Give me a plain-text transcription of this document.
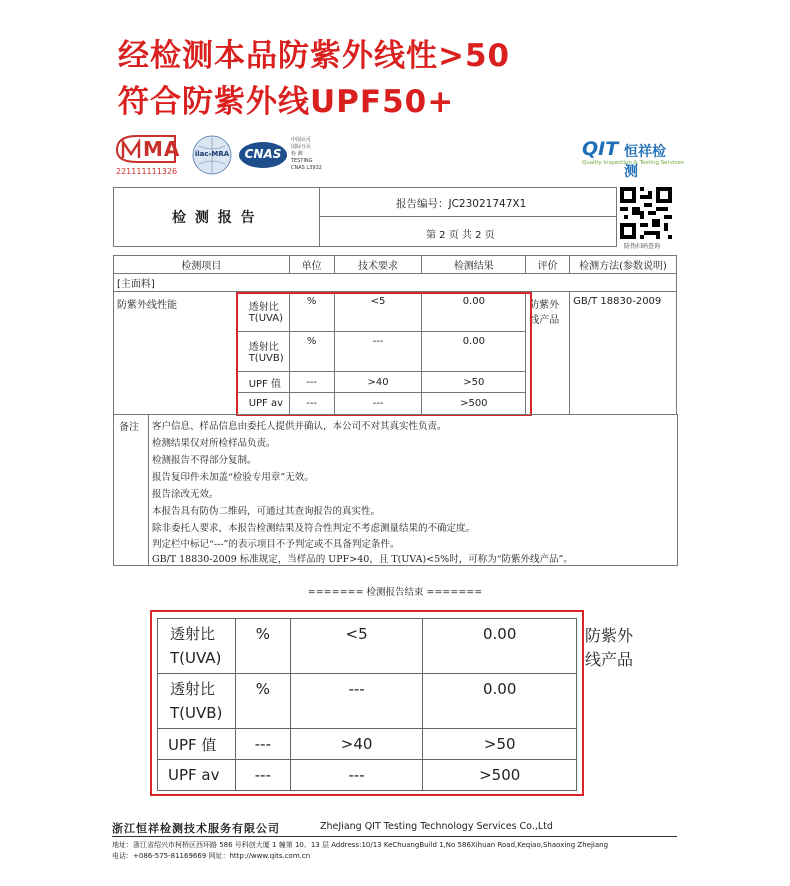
经检测本品防紫外线性>50
符合防紫外线UPF50+
MA
221111111326
ilac-MRA	CNAS
中国认可
国际互认
检 测
TESTING
CNAS L3932
QIT 恒祥检测
Quality Inspection & Testing Services
检 测 报 告
报告编号：JC23021747X1
第 2 页 共 2 页
防伪扫码查询
检测项目		单位	技术要求	检测结果	评价	检测方法(参数说明)
[主面料]						
防紫外线性能	透射比
T(UVA)	%	<5	0.00	防紫外线产品	GB/T 18830-2009
	透射比
T(UVB)	%	---	0.00		
	UPF 值	---	>40	>50		
	UPF av	---	---	>500		
备注 客户信息、样品信息由委托人提供并确认，本公司不对其真实性负责。
检测结果仅对所检样品负责。
检测报告不得部分复制。
报告复印件未加盖“检验专用章”无效。
报告涂改无效。
本报告具有防伪二维码，可通过其查询报告的真实性。
除非委托人要求，本报告检测结果及符合性判定不考虑测量结果的不确定度。
判定栏中标记“---”的表示项目不予判定或不具备判定条件。
GB/T 18830-2009 标准规定，当样品的 UPF>40，且 T(UVA)<5%时，可称为“防紫外线产品”。
======= 检测报告结束 =======
透射比
T(UVA)	%	<5	0.00
透射比
T(UVB)	%	---	0.00
UPF 值	---	>40	>50
UPF av	---	---	>500
防紫外
线产品
浙江恒祥检测技术服务有限公司	ZheJiang QIT Testing Technology Services Co.,Ltd
地址：浙江省绍兴市柯桥区西环路 586 号科创大厦 1 幢第 10、13 层 Address:10/13 KeChuangBuild 1,No 586Xihuan Road,Keqiao,Shaoxing Zhejiang
电话：+086-575-81169669 网址：http://www.qits.com.cn
